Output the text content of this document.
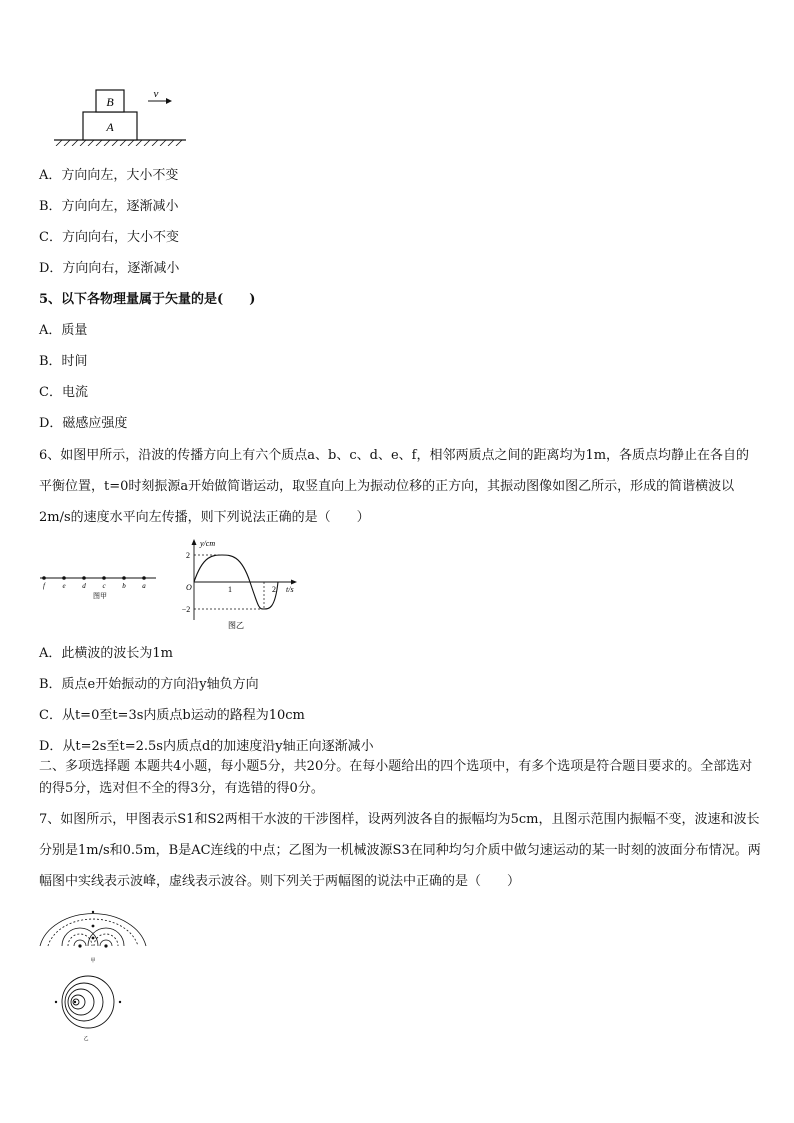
A
B
v
A．方向向左，大小不变
B．方向向左，逐渐减小
C．方向向右，大小不变
D．方向向右，逐渐减小
5、以下各物理量属于矢量的是(　　)
A．质量
B．时间
C．电流
D．磁感应强度
6、如图甲所示，沿波的传播方向上有六个质点a、b、c、d、e、f，相邻两质点之间的距离均为1m，各质点均静止在各自的平衡位置，t=0时刻振源a开始做简谐运动，取竖直向上为振动位移的正方向，其振动图像如图乙所示，形成的简谐横波以2m/s的速度水平向左传播，则下列说法正确的是（　　）
f e d c b a
图甲
y/cm
t/s
O
2
−2
1	2
图乙
A．此横波的波长为1m
B．质点e开始振动的方向沿y轴负方向
C．从t=0至t=3s内质点b运动的路程为10cm
D．从t=2s至t=2.5s内质点d的加速度沿y轴正向逐渐减小
二、多项选择题 本题共4小题，每小题5分，共20分。在每小题给出的四个选项中，有多个选项是符合题目要求的。全部选对的得5分，选对但不全的得3分，有选错的得0分。
7、如图所示，甲图表示S1和S2两相干水波的干涉图样，设两列波各自的振幅均为5cm，且图示范围内振幅不变，波速和波长分别是1m/s和0.5m，B是AC连线的中点；乙图为一机械波源S3在同种均匀介质中做匀速运动的某一时刻的波面分布情况。两幅图中实线表示波峰，虚线表示波谷。则下列关于两幅图的说法中正确的是（　　）
甲
乙
